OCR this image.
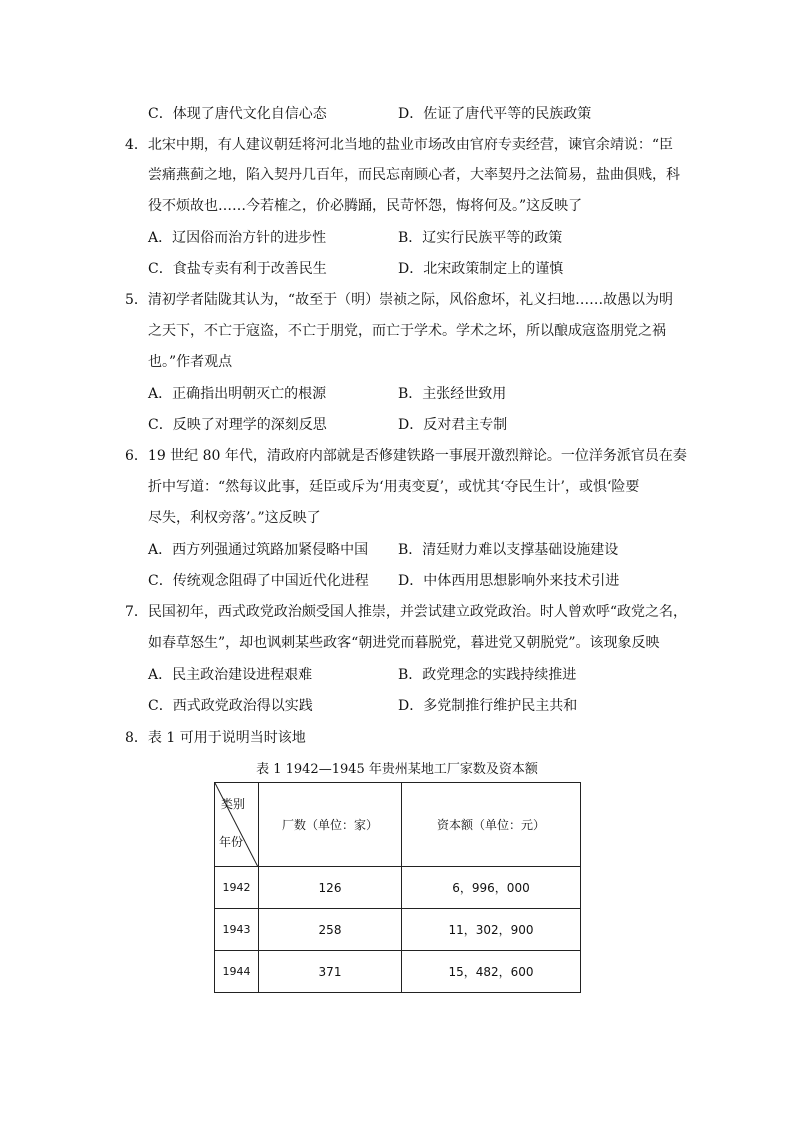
C．体现了唐代文化自信心态	D．佐证了唐代平等的民族政策
4．北宋中期，有人建议朝廷将河北当地的盐业市场改由官府专卖经营，谏官余靖说：“臣
尝痛燕蓟之地，陷入契丹几百年，而民忘南顾心者，大率契丹之法简易，盐曲俱贱，科
役不烦故也……今若榷之，价必腾踊，民苛怀怨，悔将何及。”这反映了
A．辽因俗而治方针的进步性	B．辽实行民族平等的政策
C．食盐专卖有利于改善民生	D．北宋政策制定上的谨慎
5．清初学者陆陇其认为，“故至于（明）崇祯之际，风俗愈坏，礼义扫地……故愚以为明
之天下，不亡于寇盗，不亡于朋党，而亡于学术。学术之坏，所以酿成寇盗朋党之祸
也。”作者观点
A．正确指出明朝灭亡的根源	B．主张经世致用
C．反映了对理学的深刻反思	D．反对君主专制
6．19 世纪 80 年代，清政府内部就是否修建铁路一事展开激烈辩论。一位洋务派官员在奏
折中写道：“然每议此事，廷臣或斥为‘用夷变夏’，或忧其‘夺民生计’，或惧‘险要
尽失，利权旁落’。”这反映了
A．西方列强通过筑路加紧侵略中国 B．清廷财力难以支撑基础设施建设
C．传统观念阻碍了中国近代化进程 D．中体西用思想影响外来技术引进
7．民国初年，西式政党政治颇受国人推崇，并尝试建立政党政治。时人曾欢呼“政党之名，
如春草怒生”，却也讽刺某些政客“朝进党而暮脱党，暮进党又朝脱党”。该现象反映
A．民主政治建设进程艰难	B．政党理念的实践持续推进
C．西式政党政治得以实践	D．多党制推行维护民主共和
8．表 1 可用于说明当时该地
表 1 1942—1945 年贵州某地工厂家数及资本额
类别
年份	厂数（单位：家）	资本额（单位：元）
1942	126	6，996，000
1943	258	11，302，900
1944	371	15，482，600
